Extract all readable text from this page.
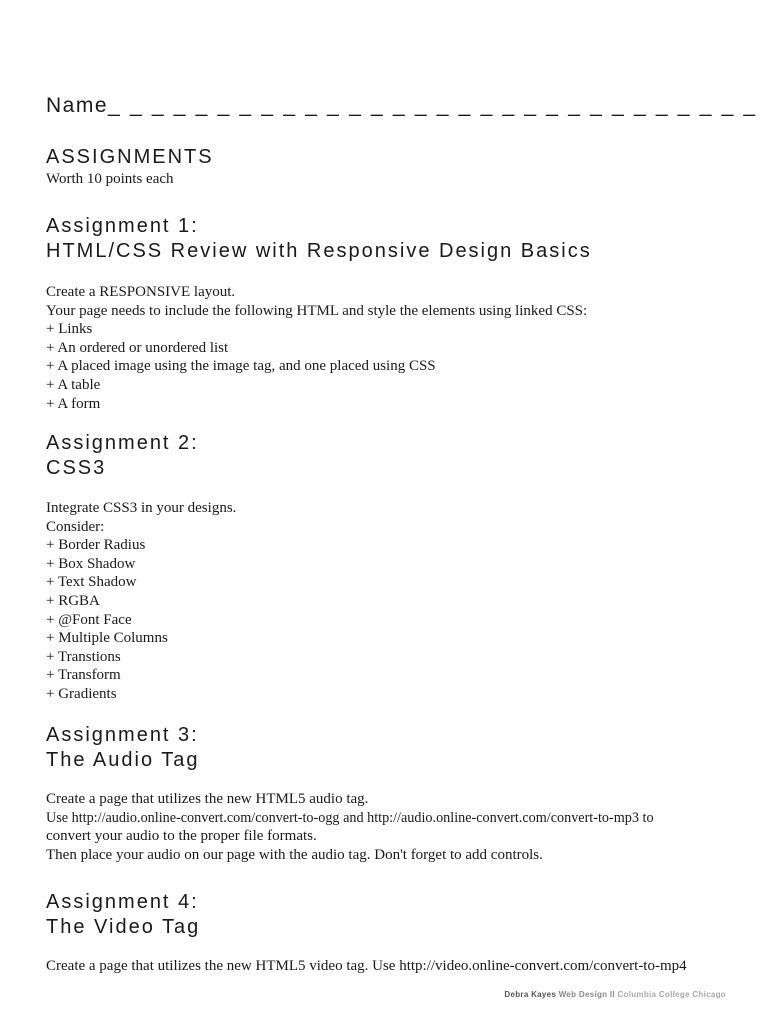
Name_ _ _ _ _ _ _ _ _ _ _ _ _ _ _ _ _ _ _ _ _ _ _ _ _ _ _ _ _ _
ASSIGNMENTS
Worth 10 points each
Assignment 1:
HTML/CSS Review with Responsive Design Basics

Create a RESPONSIVE layout.

Your page needs to include the following HTML and style the elements using linked CSS:

+ Links

+ An ordered or unordered list

+ A placed image using the image tag, and one placed using CSS

+ A table

+ A form

Assignment 2:
CSS3

Integrate CSS3 in your designs.

Consider:

+ Border Radius

+ Box Shadow

+ Text Shadow

+ RGBA

+ @Font Face

+ Multiple Columns

+ Transtions

+ Transform

+ Gradients

Assignment 3:
The Audio Tag

Create a page that utilizes the new HTML5 audio tag.

Use http://audio.online-convert.com/convert-to-ogg and http://audio.online-convert.com/convert-to-mp3 to

convert your audio to the proper file formats.

Then place your audio on our page with the audio tag. Don't forget to add controls.

Assignment 4:
The Video Tag

Create a page that utilizes the new HTML5 video tag. Use http://video.online-convert.com/convert-to-mp4

Debra Kayes Web Design II Columbia College Chicago
